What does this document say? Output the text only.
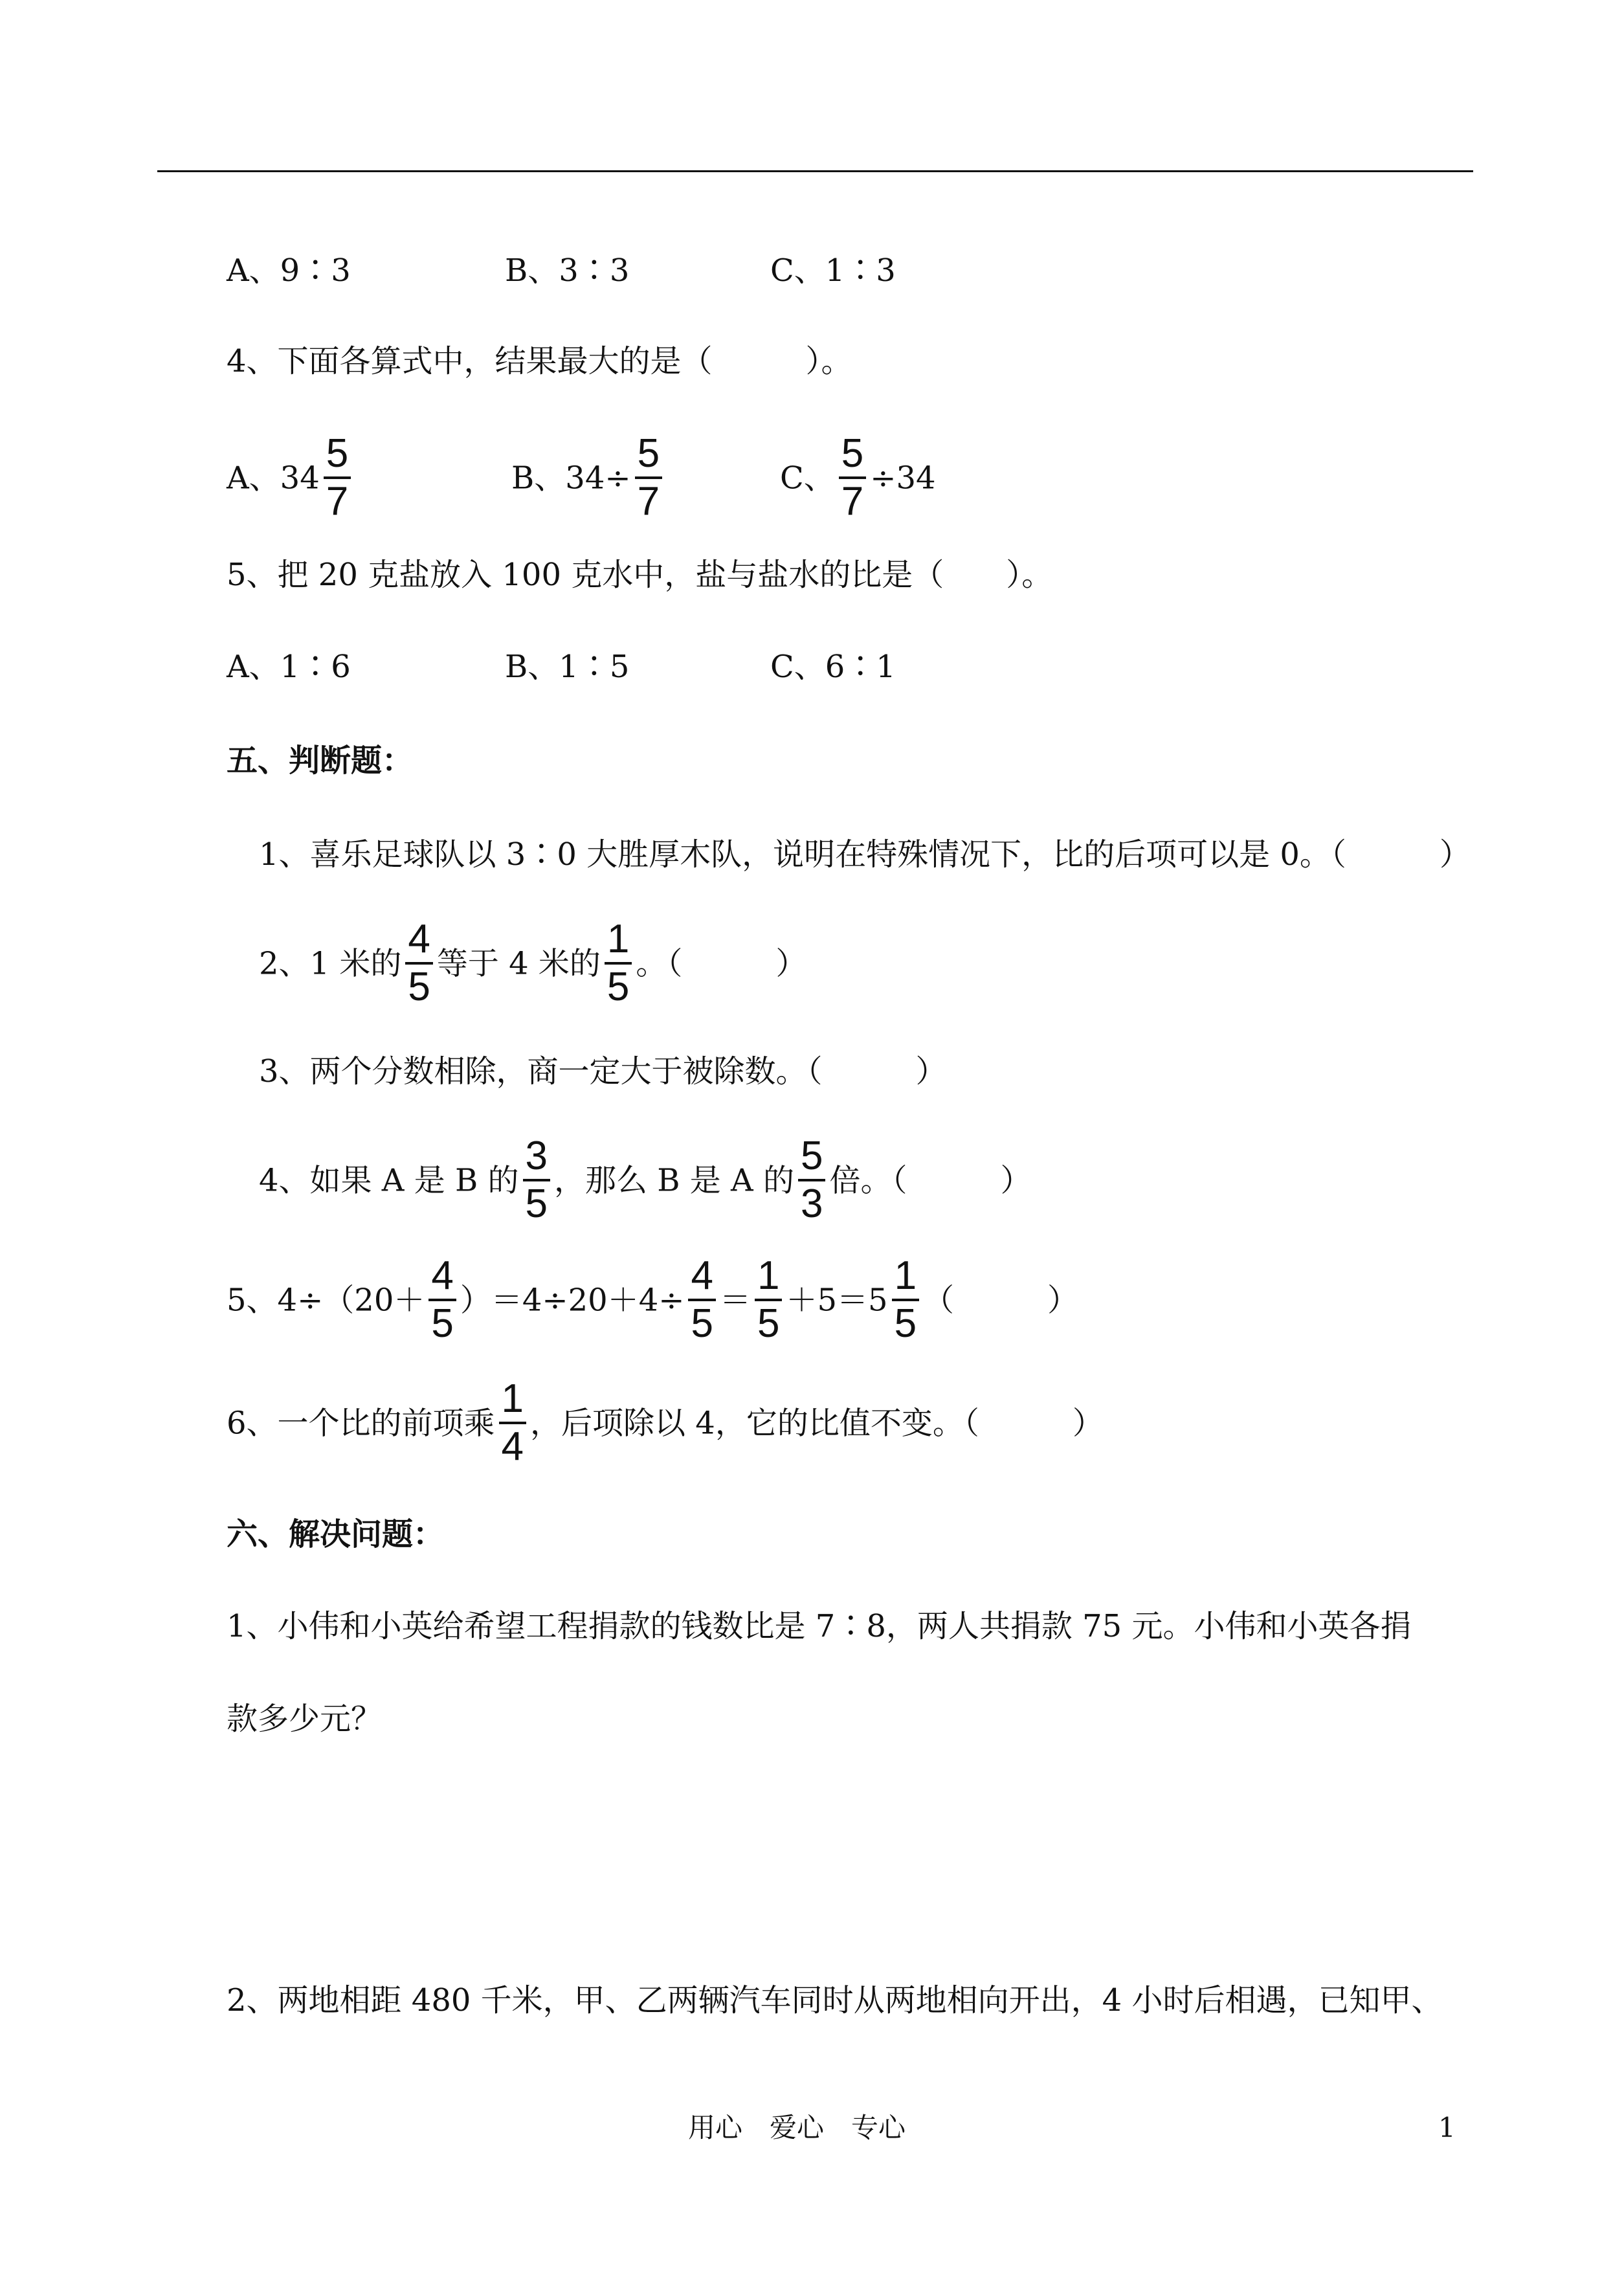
A、9∶3	B、3∶3	C、1∶3
4、下面各算式中，结果最大的是（　　　）。
A、$34 \frac{5}{7}$	B、$34\div \frac{5}{7}$	C、 $\frac{5}{7} \div 34$
5、把 20 克盐放入 100 克水中，盐与盐水的比是（　　）。
A、1∶6	B、1∶5	C、6∶1
五、判断题：
1、喜乐足球队以 3∶0 大胜厚木队，说明在特殊情况下，比的后项可以是 0。（　　　）
2、1 米的 $\frac{4}{5}$ 等于 4 米的 $\frac{1}{5}$ 。（　　　）
3、两个分数相除，商一定大于被除数。（　　　）
4、如果 A 是 B 的 $\frac{3}{5}$ ，那么 B 是 A 的 $\frac{5}{3}$ 倍。（　　　）
5、$4\div(20+ \frac{4}{5} )=4\div 20+4\div \frac{4}{5} = \frac{1}{5} +5=5 \frac{1}{5}$ （　　　）
6、一个比的前项乘 $\frac{1}{4}$ ，后项除以 4，它的比值不变。（　　　）
六、解决问题：
1、小伟和小英给希望工程捐款的钱数比是 7∶8，两人共捐款 75 元。小伟和小英各捐
款多少元？
2、两地相距 480 千米，甲、乙两辆汽车同时从两地相向开出，4 小时后相遇，已知甲、
用心　爱心　专心	1
